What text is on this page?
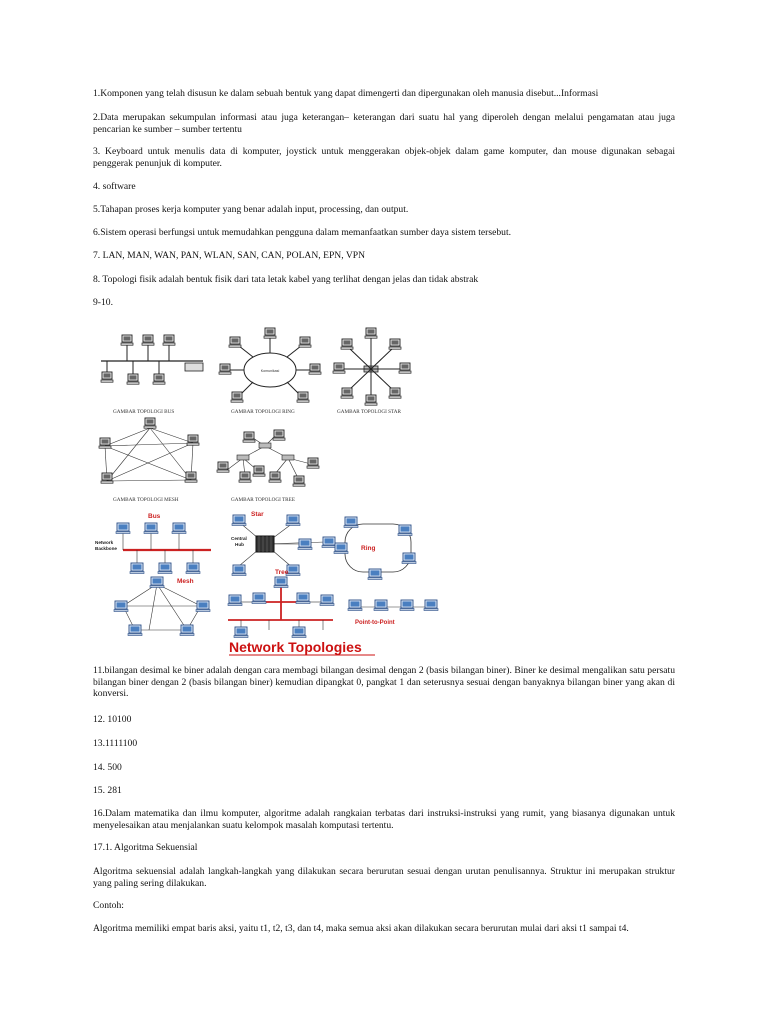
1.Komponen yang telah disusun ke dalam sebuah bentuk yang dapat dimengerti dan dipergunakan oleh manusia disebut...Informasi

2.Data merupakan sekumpulan informasi atau juga keterangan– keterangan dari suatu hal yang diperoleh dengan melalui pengamatan atau juga pencarian ke sumber – sumber tertentu

3. Keyboard untuk menulis data di komputer, joystick untuk menggerakan objek-objek dalam game komputer, dan mouse digunakan sebagai penggerak penunjuk di komputer.

4. software

5.Tahapan proses kerja komputer yang benar adalah input, processing, dan output.

6.Sistem operasi berfungsi untuk memudahkan pengguna dalam memanfaatkan sumber daya sistem tersebut.

7. LAN, MAN, WAN, PAN, WLAN, SAN, CAN, POLAN, EPN, VPN

8. Topologi fisik adalah bentuk fisik dari tata letak kabel yang terlihat dengan jelas dan tidak abstrak

9-10.

GAMBAR TOPOLOGI BUS
Komunikasi
GAMBAR TOPOLOGI RING	GAMBAR TOPOLOGI STAR
GAMBAR TOPOLOGI MESH	GAMBAR TOPOLOGI TREE
Bus
Network
Backbone
Star
Central
Hub
Ring
Mesh
Tree
Point-to-Point
Network Topologies

11.bilangan desimal ke biner adalah dengan cara membagi bilangan desimal dengan 2 (basis bilangan biner). Biner ke desimal mengalikan satu persatu bilangan biner dengan 2 (basis bilangan biner) kemudian dipangkat 0, pangkat 1 dan seterusnya sesuai dengan banyaknya bilangan biner yang akan di konversi.

12. 10100

13.1111100

14. 500

15. 281

16.Dalam matematika dan ilmu komputer, algoritme adalah rangkaian terbatas dari instruksi-instruksi yang rumit, yang biasanya digunakan untuk menyelesaikan atau menjalankan suatu kelompok masalah komputasi tertentu.

17.1. Algoritma Sekuensial

Algoritma sekuensial adalah langkah-langkah yang dilakukan secara berurutan sesuai dengan urutan penulisannya. Struktur ini merupakan struktur yang paling sering dilakukan.

Contoh:

Algoritma memiliki empat baris aksi, yaitu t1, t2, t3, dan t4, maka semua aksi akan dilakukan secara berurutan mulai dari aksi t1 sampai t4.
